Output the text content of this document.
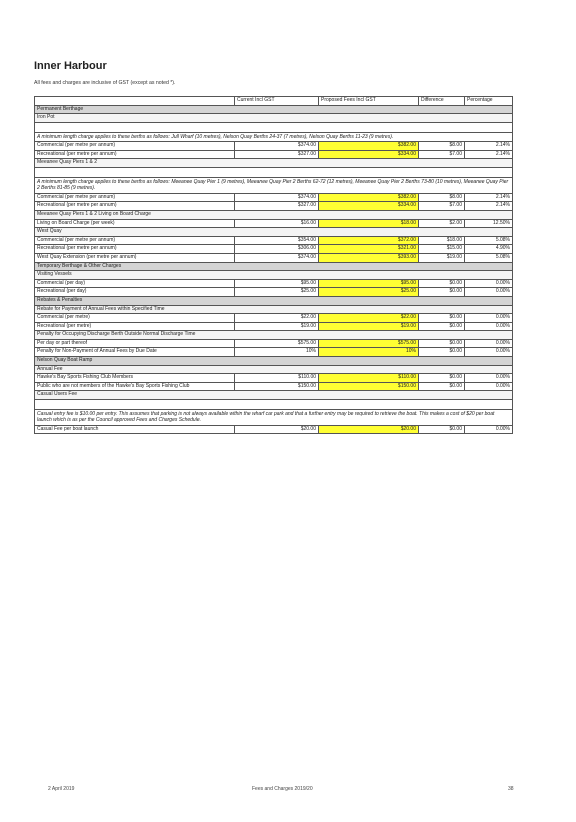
Inner Harbour
All fees and charges are inclusive of GST (except as noted *).
	Current Incl GST	Proposed Fees Incl GST	Difference	Percentage
Permanent Berthage				
Iron Pot				

A minimum length charge applies to these berths as follows: Jull Wharf (10 metres), Nelson Quay Berths 24-37 (7 metres), Nelson Quay Berths 11-23 (9 metres).				
Commercial (per metre per annum)	$374.00	$382.00	$8.00	2.14%
Recreational (per metre per annum)	$327.00	$334.00	$7.00	2.14%
Meeanee Quay Piers 1 & 2				

A minimum length charge applies to these berths as follows: Meeanee Quay Pier 1 (9 metres), Meeanee Quay Pier 2 Berths 62-72 (12 metres), Meeanee Quay Pier 2 Berths 73-80 (10 metres), Meeanee Quay Pier 2 Berths 81-85 (9 metres).				
Commercial (per metre per annum)	$374.00	$382.00	$8.00	2.14%
Recreational (per metre per annum)	$327.00	$334.00	$7.00	2.14%
Meeanee Quay Piers 1 & 2 Living on Board Charge				
Living on Board Charge (per week)	$16.00	$18.00	$2.00	12.50%
West Quay				
Commercial (per metre per annum)	$354.00	$372.00	$18.00	5.08%
Recreational (per metre per annum)	$306.00	$321.00	$15.00	4.90%
West Quay Extension (per metre per annum)	$374.00	$393.00	$19.00	5.08%
Temporary Berthage & Other Charges				
Visiting Vessels				
Commercial (per day)	$95.00	$95.00	$0.00	0.00%
Recreational (per day)	$25.00	$25.00	$0.00	0.00%
Rebates & Penalties				
Rebate for Payment of Annual Fees within Specified Time				
Commercial (per metre)	$22.00	$22.00	$0.00	0.00%
Recreational (per metre)	$19.00	$19.00	$0.00	0.00%
Penalty for Occupying Discharge Berth Outside Normal Discharge Time				
Per day or part thereof	$575.00	$575.00	$0.00	0.00%
Penalty for Non-Payment of Annual Fees by Due Date	10%	10%	$0.00	0.00%
Nelson Quay Boat Ramp				
Annual Fee				
Hawke's Bay Sports Fishing Club Members	$110.00	$110.00	$0.00	0.00%
Public who are not members of the Hawke's Bay Sports Fishing Club	$150.00	$150.00	$0.00	0.00%
Casual Users Fee				

Casual entry fee is $10.00 per entry. This assumes that parking is not always available within the wharf car park and that a further entry may be required to retrieve the boat. This makes a cost of $20 per boat launch which is as per the Council approved Fees and Charges Schedule.				
Casual Fee per boat launch	$20.00	$20.00	$0.00	0.00%
2 April 2019	Fees and Charges 2019/20	38
